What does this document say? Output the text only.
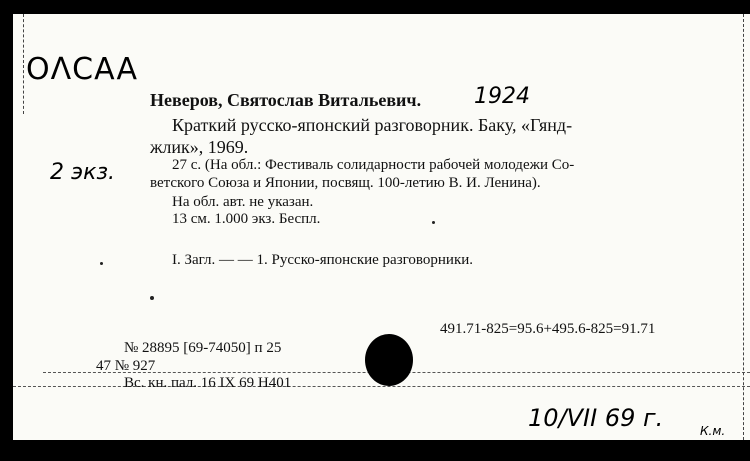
OΛCAA
Неверов, Святослав Витальевич. 1924
Краткий русско-японский разговорник. Баку, «Гянд-
жлик», 1969.
27 с. (На обл.: Фестиваль солидарности рабочей молодежи Со-
ветского Союза и Японии, посвящ. 100-летию В. И. Ленина).
На обл. авт. не указан.
13 см. 1.000 экз. Беспл.
2 экз.
I. Загл. — — 1. Русско-японские разговорники.
491.71-825=95.6+495.6-825=91.71
№ 28895 [69-74050] п 25
47 № 927
Вс. кн. пал. 16 IX 69 Н401
10/VII 69 г.	К.м.
